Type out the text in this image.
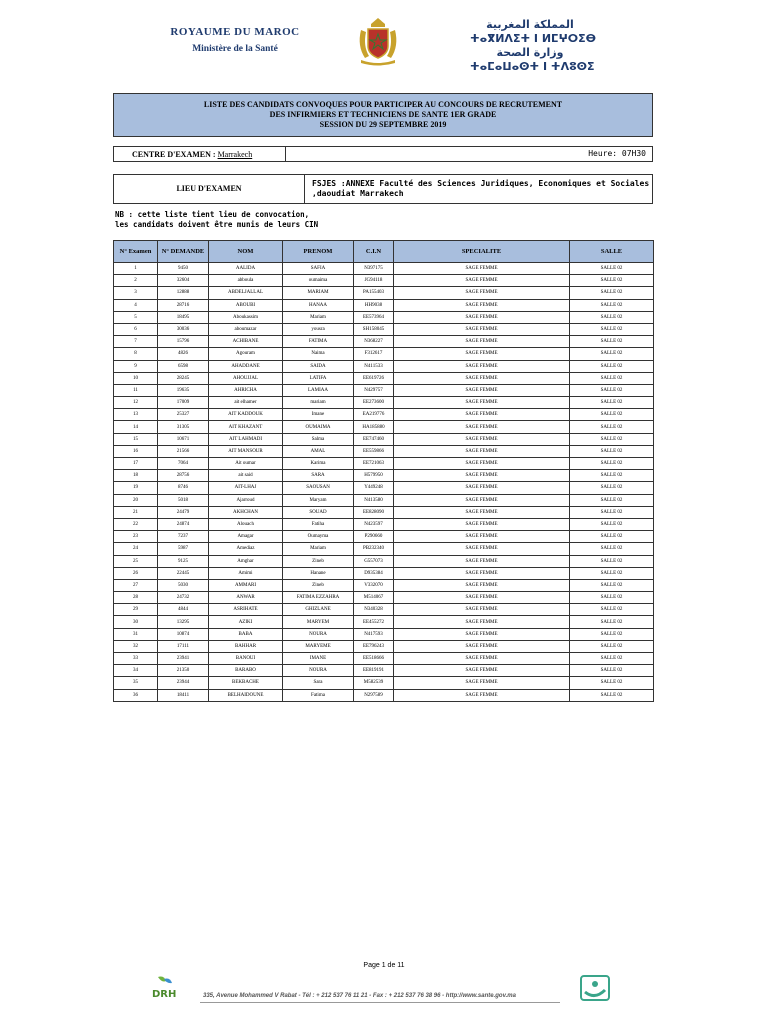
ROYAUME DU MAROC
Ministère de la Santé
المملكة المغربية
ⵜⴰⴳⵍⴷⵉⵜ ⵏ ⵍⵎⵖⵔⵉⴱ
وزارة الصحة
ⵜⴰⵎⴰⵡⴰⵙⵜ ⵏ ⵜⴷⵓⵙⵉ
LISTE DES CANDIDATS CONVOQUES POUR PARTICIPER AU CONCOURS DE RECRUTEMENT
DES INFIRMIERS ET TECHNICIENS DE SANTE 1ER GRADE
SESSION DU 29 SEPTEMBRE 2019
CENTRE D'EXAMEN : Marrakech	Heure: 07H30
LIEU D'EXAMEN
FSJES :ANNEXE Faculté des Sciences Juridiques, Economiques et Sociales
,daoudiat Marrakech
NB : cette liste tient lieu de convocation,
les candidats doivent être munis de leurs CIN
N° Examen	N° DEMANDE	NOM	PRENOM	C.I.N	SPECIALITE	SALLE
1	9450	AALIDA	SAFIA	N397175	SAGE FEMME	SALLE 02
2	32604	abboula	oumaima	JG94118	SAGE FEMME	SALLE 02
3	12888	ABDELJALLAL	MARIAM	PA155403	SAGE FEMME	SALLE 02
4	28716	ABOUBI	HANAA	HH9038	SAGE FEMME	SALLE 02
5	18495	Aboukassim	Mariam	EE573964	SAGE FEMME	SALLE 02
6	30036	aboumazar	yousra	SH158045	SAGE FEMME	SALLE 02
7	15796	ACHIBANE	FATIMA	N368227	SAGE FEMME	SALLE 02
8	4826	Agouram	Naima	F312617	SAGE FEMME	SALLE 02
9	6598	AHADDANE	SAIDA	N411533	SAGE FEMME	SALLE 02
10	28245	AHOUJJAL	LATIFA	EE619726	SAGE FEMME	SALLE 02
11	19635	AHRICHA	LAMIAA	N429757	SAGE FEMME	SALLE 02
12	17009	ait elhamer	mariam	EE273600	SAGE FEMME	SALLE 02
13	25327	AIT KADDOUK	Imane	EA219776	SAGE FEMME	SALLE 02
14	31305	AIT KHAZANT	OUMAIMA	HA185880	SAGE FEMME	SALLE 02
15	10671	AIT LAHMADI	Salma	EE747460	SAGE FEMME	SALLE 02
16	21566	AIT MANSOUR	AMAL	EE559866	SAGE FEMME	SALLE 02
17	7064	Ait oumar	Karima	EE721063	SAGE FEMME	SALLE 02
18	28756	ait said	SARA	H579950	SAGE FEMME	SALLE 02
19	8746	AIT-LHAJ	SAOUSAN	Y449248	SAGE FEMME	SALLE 02
20	5018	Ajarroud	Maryam	N413580	SAGE FEMME	SALLE 02
21	24479	AKHCHAN	SOUAD	EE828090	SAGE FEMME	SALLE 02
22	24874	Alouach	Fatiha	N423597	SAGE FEMME	SALLE 02
23	7237	Amagar	Oumayma	P290660	SAGE FEMME	SALLE 02
24	5987	Amediaz	Mariam	PB232340	SAGE FEMME	SALLE 02
25	9125	Amghar	Zineb	G557073	SAGE FEMME	SALLE 02
26	22445	Amimi	Hanane	D935384	SAGE FEMME	SALLE 02
27	5030	AMMARI	Zineb	V332070	SAGE FEMME	SALLE 02
28	24732	ANWAR	FATIMA EZZAHRA	M514067	SAGE FEMME	SALLE 02
29	4844	ASRIHATE	GHIZLANE	N340328	SAGE FEMME	SALLE 02
30	13295	AZIKI	MARYEM	EE455272	SAGE FEMME	SALLE 02
31	10874	BABA	NOURA	N417593	SAGE FEMME	SALLE 02
32	17111	BAHHAR	MARYEME	EE796243	SAGE FEMME	SALLE 02
33	23941	BANOUI	IMANE	EE518666	SAGE FEMME	SALLE 02
34	21350	BARABO	NOURA	EE819191	SAGE FEMME	SALLE 02
35	23944	BEKBACHE	Sara	M582539	SAGE FEMME	SALLE 02
36	18411	BELHAIDOUNE	Fatima	N297589	SAGE FEMME	SALLE 02
Page 1 de 11
DRH	335, Avenue Mohammed V Rabat - Tél : + 212 537 76 11 21 - Fax : + 212 537 76 38 96 - http://www.sante.gov.ma
